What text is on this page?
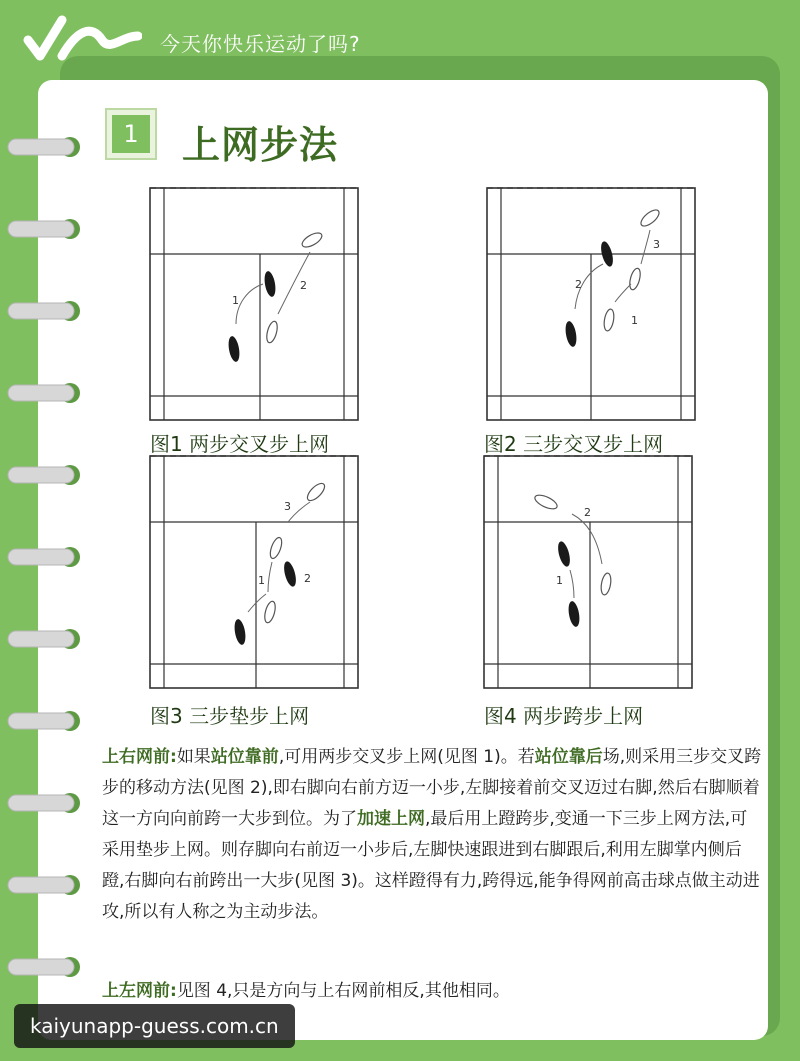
今天你快乐运动了吗?
1 上网步法
1
2
图1 两步交叉步上网
2
1
3
图2 三步交叉步上网
1	2
3
图3 三步垫步上网
1
2
图4 两步跨步上网
上右网前:如果站位靠前,可用两步交叉步上网(见图 1)。若站位靠后场,则采用三步交叉跨步的移动方法(见图 2),即右脚向右前方迈一小步,左脚接着前交叉迈过右脚,然后右脚顺着这一方向向前跨一大步到位。为了加速上网,最后用上蹬跨步,变通一下三步上网方法,可采用垫步上网。则存脚向右前迈一小步后,左脚快速跟进到右脚跟后,利用左脚掌内侧后蹬,右脚向右前跨出一大步(见图 3)。这样蹬得有力,跨得远,能争得网前高击球点做主动进攻,所以有人称之为主动步法。
上左网前:见图 4,只是方向与上右网前相反,其他相同。
kaiyunapp-guess.com.cn
